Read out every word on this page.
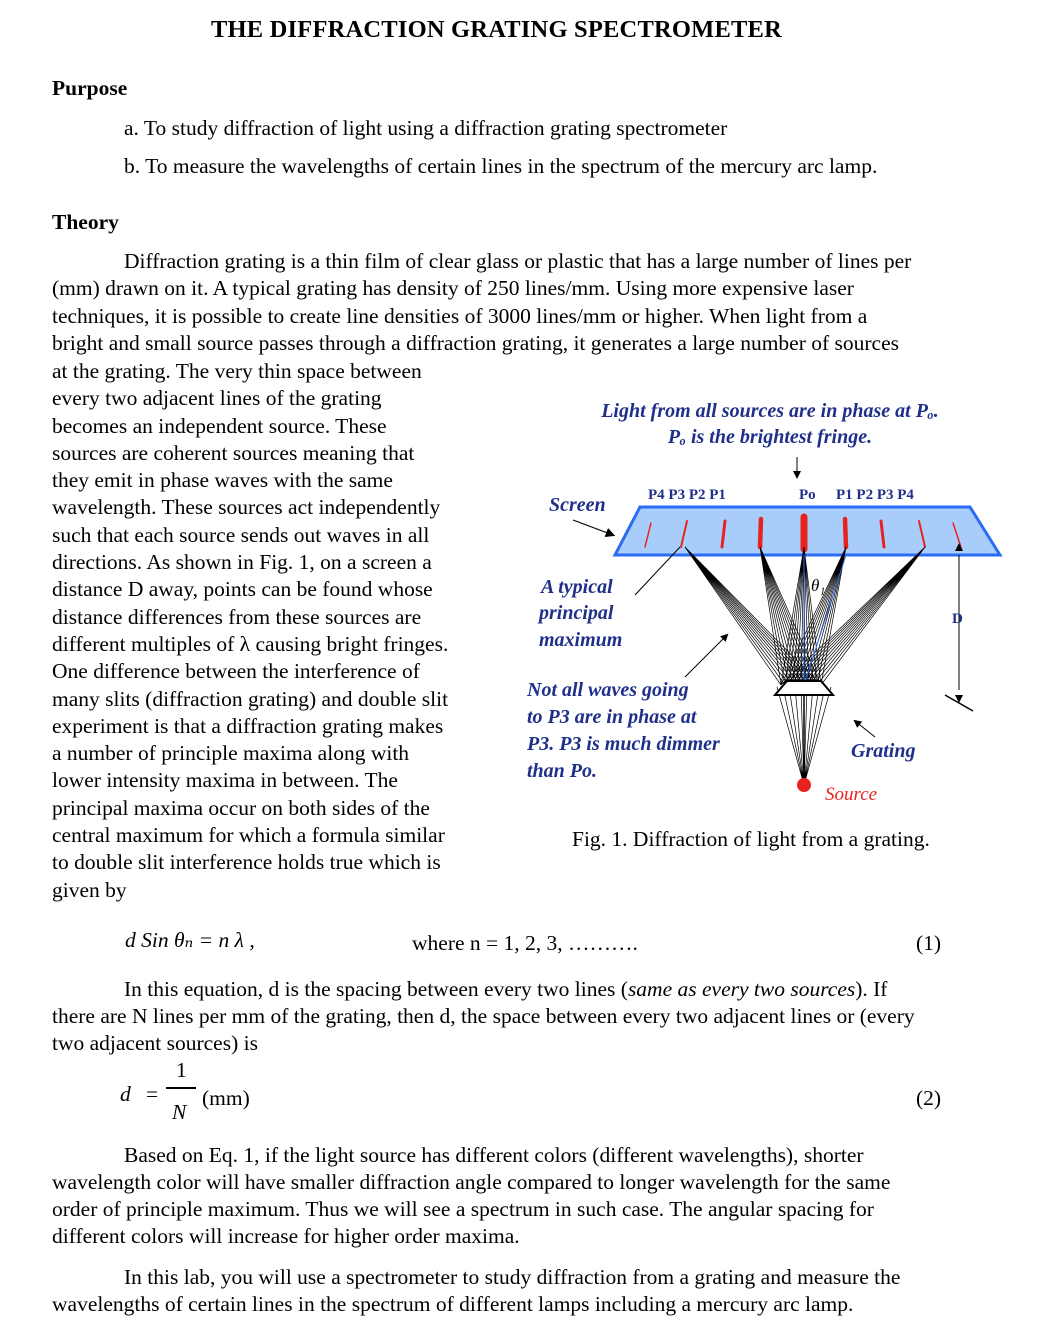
THE DIFFRACTION GRATING SPECTROMETER
Purpose
a. To study diffraction of light using a diffraction grating spectrometer
b. To measure the wavelengths of certain lines in the spectrum of the mercury arc lamp.
Theory
Diffraction grating is a thin film of clear glass or plastic that has a large number of lines per
(mm) drawn on it. A typical grating has density of 250 lines/mm. Using more expensive laser
techniques, it is possible to create line densities of 3000 lines/mm or higher. When light from a
bright and small source passes through a diffraction grating, it generates a large number of sources
at the grating. The very thin space between
every two adjacent lines of the grating
becomes an independent source. These
sources are coherent sources meaning that
they emit in phase waves with the same
wavelength. These sources act independently
such that each source sends out waves in all
directions. As shown in Fig. 1, on a screen a
distance D away, points can be found whose
distance differences from these sources are
different multiples of λ causing bright fringes.
One difference between the interference of
many slits (diffraction grating) and double slit
experiment is that a diffraction grating makes
a number of principle maxima along with
lower intensity maxima in between. The
principal maxima occur on both sides of the
central maximum for which a formula similar
to double slit interference holds true which is
given by
Light from all sources are in phase at Pₒ.
Pₒ is the brightest fringe.
P4 P3 P2 P1	Po P1 P2 P3 P4
Screen
θ₁
Source
Grating
D
A typical
principal
maximum
Not all waves going
to P3 are in phase at
P3. P3 is much dimmer
than Po.
Fig. 1. Diffraction of light from a grating.
d Sin θₙ = n λ ,	where n = 1, 2, 3, ……….	(1)
In this equation, d is the spacing between every two lines (same as every two sources). If
there are N lines per mm of the grating, then d, the space between every two adjacent lines or (every
two adjacent sources) is
d =
1
N
(mm)	(2)
Based on Eq. 1, if the light source has different colors (different wavelengths), shorter
wavelength color will have smaller diffraction angle compared to longer wavelength for the same
order of principle maximum. Thus we will see a spectrum in such case. The angular spacing for
different colors will increase for higher order maxima.
In this lab, you will use a spectrometer to study diffraction from a grating and measure the
wavelengths of certain lines in the spectrum of different lamps including a mercury arc lamp.
